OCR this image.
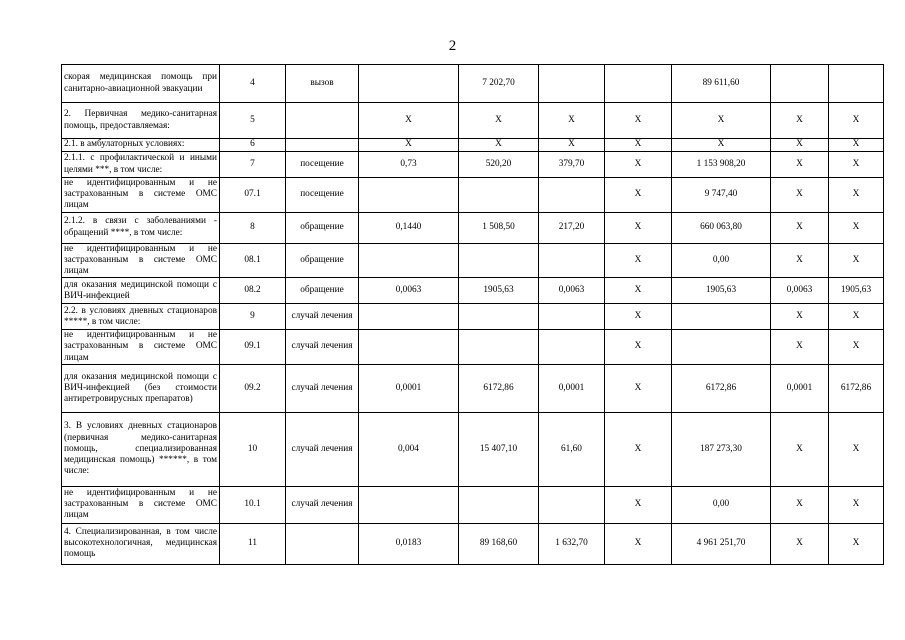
2
скорая медицинская помощь при санитарно-авиационной эвакуации	4	вызов		7 202,70			89 611,60		
2. Первичная медико-санитарная помощь, предоставляемая:	5		X	X	X	X	X	X	X
2.1. в амбулаторных условиях:	6		X	X	X	X	X	X	X
2.1.1. с профилактической и иными целями ***, в том числе:	7	посещение	0,73	520,20	379,70	X	1 153 908,20	X	X
не идентифицированным и не застрахованным в системе ОМС лицам	07.1	посещение				X	9 747,40	X	X
2.1.2. в связи с заболеваниями - обращений ****, в том числе:	8	обращение	0,1440	1 508,50	217,20	X	660 063,80	X	X
не идентифицированным и не застрахованным в системе ОМС лицам	08.1	обращение				X	0,00	X	X
для оказания медицинской помощи с ВИЧ-инфекцией	08.2	обращение	0,0063	1905,63	0,0063	X	1905,63	0,0063	1905,63
2.2. в условиях дневных стационаров *****, в том числе:	9	случай лечения				X		X	X
не идентифицированным и не застрахованным в системе ОМС лицам	09.1	случай лечения				X		X	X
для оказания медицинской помощи с ВИЧ-инфекцией (без стоимости антиретровирусных препаратов)	09.2	случай лечения	0,0001	6172,86	0,0001	X	6172,86	0,0001	6172,86
3. В условиях дневных стационаров (первичная медико-санитарная помощь, специализированная медицинская помощь) ******, в том числе:	10	случай лечения	0,004	15 407,10	61,60	X	187 273,30	X	X
не идентифицированным и не застрахованным в системе ОМС лицам	10.1	случай лечения				X	0,00	X	X
4. Специализированная, в том числе высокотехнологичная, медицинская помощь	11		0,0183	89 168,60	1 632,70	X	4 961 251,70	X	X
